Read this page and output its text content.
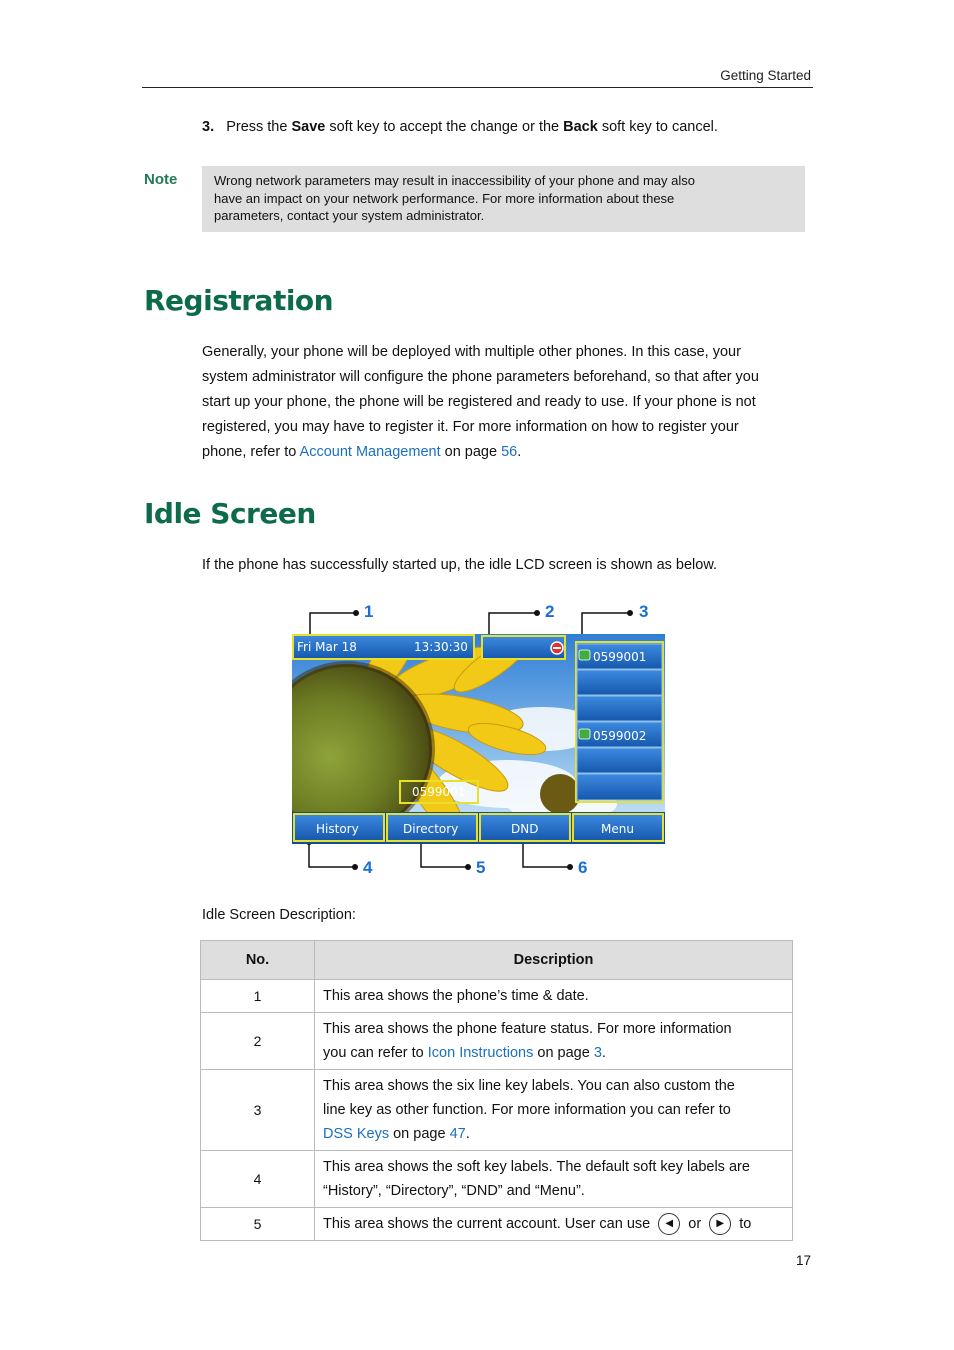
Getting Started
3. Press the Save soft key to accept the change or the Back soft key to cancel.
Note	Wrong network parameters may result in inaccessibility of your phone and may also
have an impact on your network performance. For more information about these
parameters, contact your system administrator.
Registration
Generally, your phone will be deployed with multiple other phones. In this case, your
system administrator will configure the phone parameters beforehand, so that after you
start up your phone, the phone will be registered and ready to use. If your phone is not
registered, you may have to register it. For more information on how to register your
phone, refer to Account Management on page 56.
Idle Screen
If the phone has successfully started up, the idle LCD screen is shown as below.
1	2	3
4	5	6
Fri Mar 18	13:30:30
0599001
0599002
0599001
History	Directory	DND	Menu
Idle Screen Description:
No.	Description
1	This area shows the phone’s time & date.
2	This area shows the phone feature status. For more information
you can refer to Icon Instructions on page 3.

3	This area shows the six line key labels. You can also custom the
line key as other function. For more information you can refer to
DSS Keys on page 47.

4	This area shows the soft key labels. The default soft key labels are
“History”, “Directory”, “DND” and “Menu”.

5	This area shows the current account. User can use ◀ or ▶ to
17
